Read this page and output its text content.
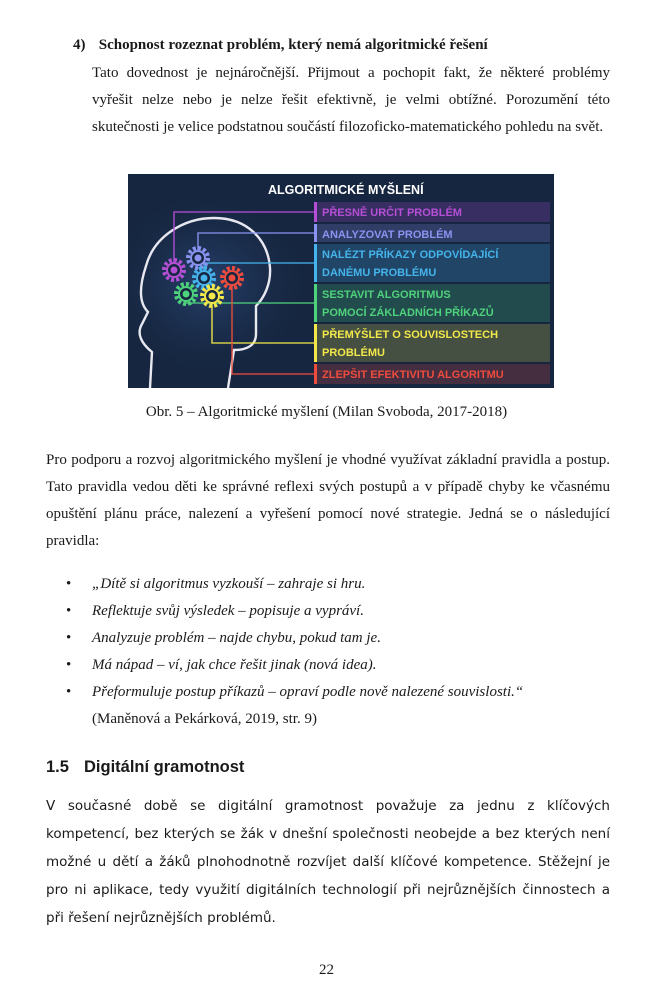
4) Schopnost rozeznat problém, který nemá algoritmické řešení
Tato dovednost je nejnáročnější. Přijmout a pochopit fakt, že některé problémy vyřešit nelze nebo je nelze řešit efektivně, je velmi obtížné. Porozumění této skutečnosti je velice podstatnou součástí filozoficko-matematického pohledu na svět.
ALGORITMICKÉ MYŠLENÍ
PŘESNĚ URČIT PROBLÉM
ANALYZOVAT PROBLÉM
NALÉZT PŘÍKAZY ODPOVÍDAJÍCÍ
DANÉMU PROBLÉMU
SESTAVIT ALGORITMUS
POMOCÍ ZÁKLADNÍCH PŘÍKAZŮ
PŘEMÝŠLET O SOUVISLOSTECH
PROBLÉMU
ZLEPŠIT EFEKTIVITU ALGORITMU
Obr. 5 – Algoritmické myšlení (Milan Svoboda, 2017-2018)
Pro podporu a rozvoj algoritmického myšlení je vhodné využívat základní pravidla a postup. Tato pravidla vedou děti ke správné reflexi svých postupů a v případě chyby ke včasnému opuštění plánu práce, nalezení a vyřešení pomocí nové strategie. Jedná se o následující pravidla:
• „Dítě si algoritmus vyzkouší – zahraje si hru.
• Reflektuje svůj výsledek – popisuje a vypráví.
• Analyzuje problém – najde chybu, pokud tam je.
• Má nápad – ví, jak chce řešit jinak (nová idea).
• Přeformuluje postup příkazů – opraví podle nově nalezené souvislosti.“
(Maněnová a Pekárková, 2019, str. 9)
1.5 Digitální gramotnost
V současné době se digitální gramotnost považuje za jednu z klíčových kompetencí, bez kterých se žák v dnešní společnosti neobejde a bez kterých není možné u dětí a žáků plnohodnotně rozvíjet další klíčové kompetence. Stěžejní je pro ni aplikace, tedy využití digitálních technologií při nejrůznějších činnostech a při řešení nejrůznějších problémů.
22
